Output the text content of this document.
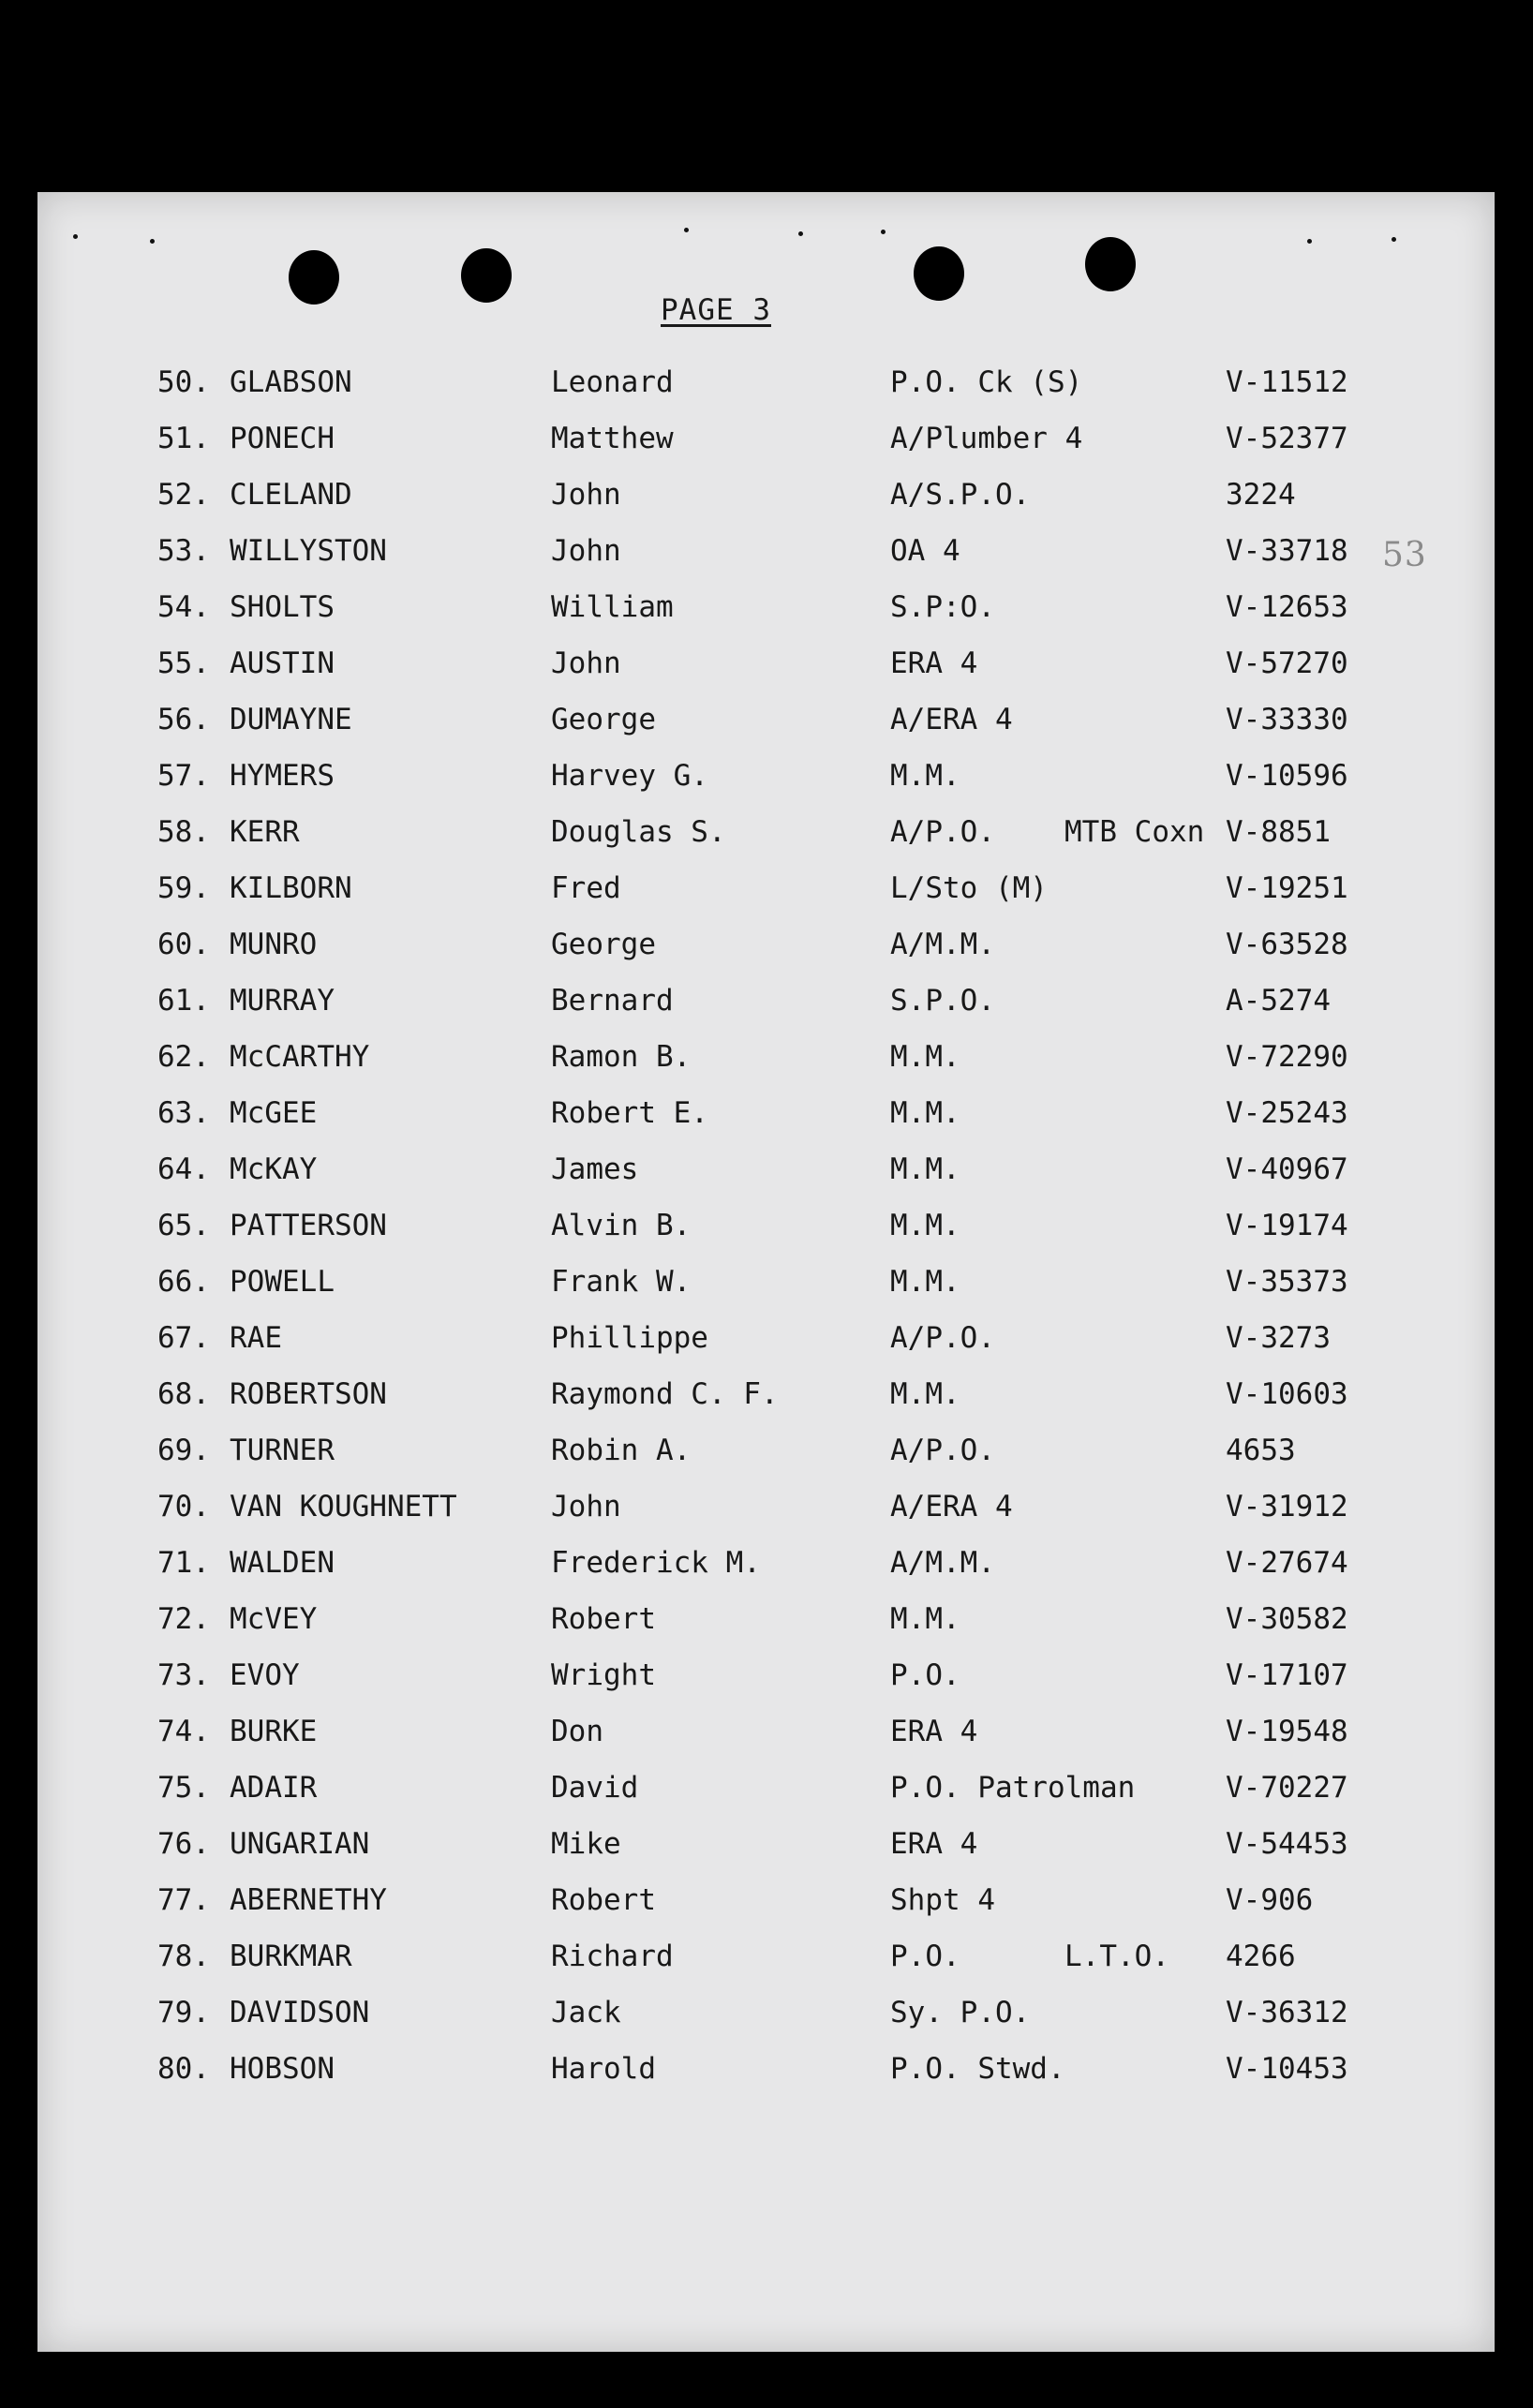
PAGE 3
53
50. GLABSON	Leonard	P.O. Ck (S)	V-11512
51. PONECH	Matthew	A/Plumber 4	V-52377
52. CLELAND	John	A/S.P.O.	3224
53. WILLYSTON	John	OA 4	V-33718
54. SHOLTS	William	S.P:O.	V-12653
55. AUSTIN	John	ERA 4	V-57270
56. DUMAYNE	George	A/ERA 4	V-33330
57. HYMERS	Harvey G.	M.M.	V-10596
58. KERR	Douglas S.	A/P.O. MTB Coxn V-8851
59. KILBORN	Fred	L/Sto (M)	V-19251
60. MUNRO	George	A/M.M.	V-63528
61. MURRAY	Bernard	S.P.O.	A-5274
62. McCARTHY	Ramon B.	M.M.	V-72290
63. McGEE	Robert E.	M.M.	V-25243
64. McKAY	James	M.M.	V-40967
65. PATTERSON	Alvin B.	M.M.	V-19174
66. POWELL	Frank W.	M.M.	V-35373
67. RAE	Phillippe	A/P.O.	V-3273
68. ROBERTSON	Raymond C. F.	M.M.	V-10603
69. TURNER	Robin A.	A/P.O.	4653
70. VAN KOUGHNETT	John	A/ERA 4	V-31912
71. WALDEN	Frederick M.	A/M.M.	V-27674
72. McVEY	Robert	M.M.	V-30582
73. EVOY	Wright	P.O.	V-17107
74. BURKE	Don	ERA 4	V-19548
75. ADAIR	David	P.O. Patrolman	V-70227
76. UNGARIAN	Mike	ERA 4	V-54453
77. ABERNETHY	Robert	Shpt 4	V-906
78. BURKMAR	Richard	P.O.	L.T.O. 4266
79. DAVIDSON	Jack	Sy. P.O.	V-36312
80. HOBSON	Harold	P.O. Stwd.	V-10453
